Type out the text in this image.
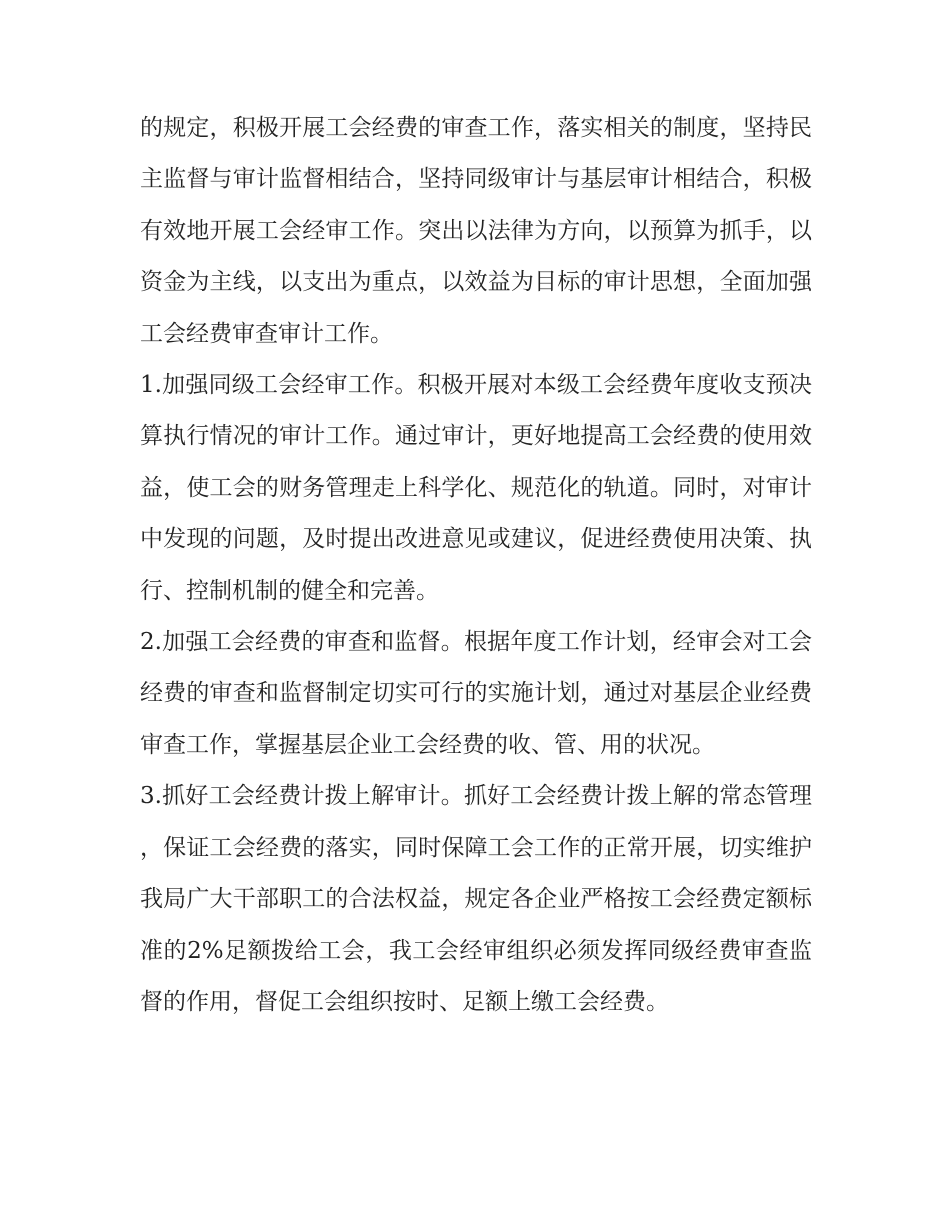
的规定，积极开展工会经费的审查工作，落实相关的制度，坚持民主监督与审计监督相结合，坚持同级审计与基层审计相结合，积极有效地开展工会经审工作。突出以法律为方向，以预算为抓手，以资金为主线，以支出为重点，以效益为目标的审计思想，全面加强工会经费审查审计工作。

1.加强同级工会经审工作。积极开展对本级工会经费年度收支预决算执行情况的审计工作。通过审计，更好地提高工会经费的使用效益，使工会的财务管理走上科学化、规范化的轨道。同时，对审计中发现的问题，及时提出改进意见或建议，促进经费使用决策、执行、控制机制的健全和完善。

2.加强工会经费的审查和监督。根据年度工作计划，经审会对工会经费的审查和监督制定切实可行的实施计划，通过对基层企业经费审查工作，掌握基层企业工会经费的收、管、用的状况。

3.抓好工会经费计拨上解审计。抓好工会经费计拨上解的常态管理，保证工会经费的落实，同时保障工会工作的正常开展，切实维护我局广大干部职工的合法权益，规定各企业严格按工会经费定额标准的2%足额拨给工会，我工会经审组织必须发挥同级经费审查监督的作用，督促工会组织按时、足额上缴工会经费。
